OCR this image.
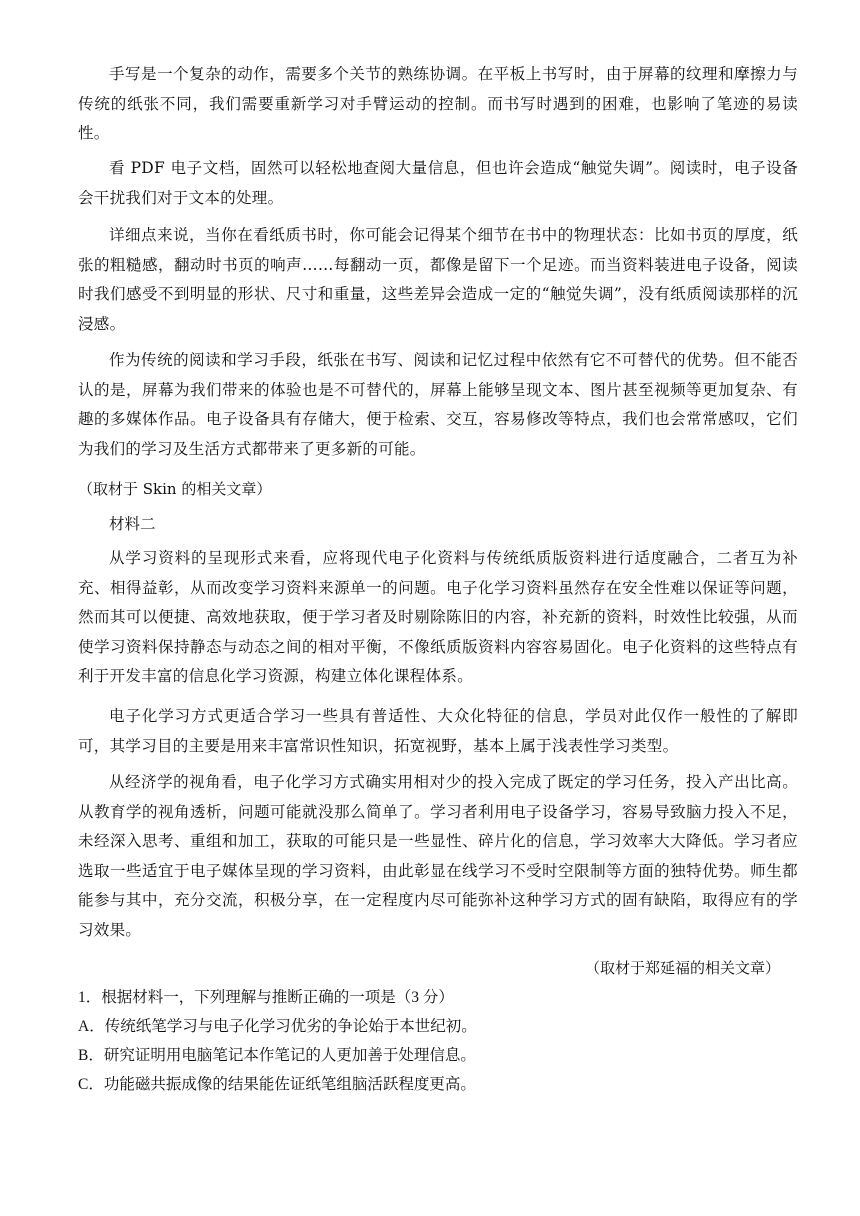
手写是一个复杂的动作，需要多个关节的熟练协调。在平板上书写时，由于屏幕的纹理和摩擦力与传统的纸张不同，我们需要重新学习对手臂运动的控制。而书写时遇到的困难，也影响了笔迹的易读性。

看 PDF 电子文档，固然可以轻松地查阅大量信息，但也许会造成“触觉失调”。阅读时，电子设备会干扰我们对于文本的处理。

详细点来说，当你在看纸质书时，你可能会记得某个细节在书中的物理状态：比如书页的厚度，纸张的粗糙感，翻动时书页的响声……每翻动一页，都像是留下一个足迹。而当资料装进电子设备，阅读时我们感受不到明显的形状、尺寸和重量，这些差异会造成一定的“触觉失调”，没有纸质阅读那样的沉浸感。

作为传统的阅读和学习手段，纸张在书写、阅读和记忆过程中依然有它不可替代的优势。但不能否认的是，屏幕为我们带来的体验也是不可替代的，屏幕上能够呈现文本、图片甚至视频等更加复杂、有趣的多媒体作品。电子设备具有存储大，便于检索、交互，容易修改等特点，我们也会常常感叹，它们为我们的学习及生活方式都带来了更多新的可能。

（取材于 Skin 的相关文章）

材料二

从学习资料的呈现形式来看，应将现代电子化资料与传统纸质版资料进行适度融合，二者互为补充、相得益彰，从而改变学习资料来源单一的问题。电子化学习资料虽然存在安全性难以保证等问题，然而其可以便捷、高效地获取，便于学习者及时剔除陈旧的内容，补充新的资料，时效性比较强，从而使学习资料保持静态与动态之间的相对平衡，不像纸质版资料内容容易固化。电子化资料的这些特点有利于开发丰富的信息化学习资源，构建立体化课程体系。

电子化学习方式更适合学习一些具有普适性、大众化特征的信息，学员对此仅作一般性的了解即可，其学习目的主要是用来丰富常识性知识，拓宽视野，基本上属于浅表性学习类型。

从经济学的视角看，电子化学习方式确实用相对少的投入完成了既定的学习任务，投入产出比高。从教育学的视角透析，问题可能就没那么简单了。学习者利用电子设备学习，容易导致脑力投入不足，未经深入思考、重组和加工，获取的可能只是一些显性、碎片化的信息，学习效率大大降低。学习者应选取一些适宜于电子媒体呈现的学习资料，由此彰显在线学习不受时空限制等方面的独特优势。师生都能参与其中，充分交流，积极分享，在一定程度内尽可能弥补这种学习方式的固有缺陷，取得应有的学习效果。

（取材于郑延福的相关文章）

1．根据材料一，下列理解与推断正确的一项是（3 分）

A．传统纸笔学习与电子化学习优劣的争论始于本世纪初。

B．研究证明用电脑笔记本作笔记的人更加善于处理信息。

C．功能磁共振成像的结果能佐证纸笔组脑活跃程度更高。
